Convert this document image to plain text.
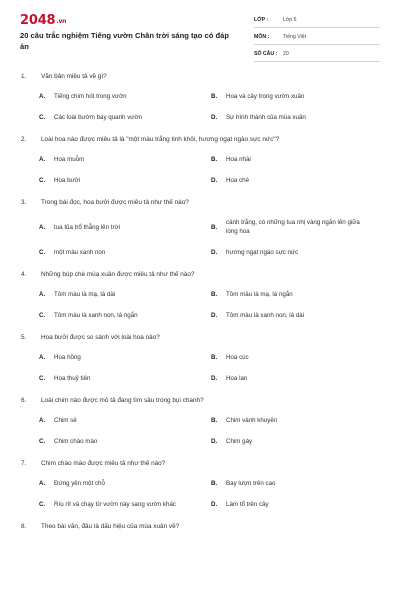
2048.vn
20 câu trắc nghiệm Tiếng vườn Chân trời sáng tạo có đáp án
LỚP :	Lớp 5
MÔN :	Tiếng Việt
SỐ CÂU :	20
1.	Văn bản miêu tả về gì?
A.	Tiếng chim hót trong vườn	B.	Hoa và cây trong vườn xuân
C.	Các loài bướm bay quanh vườn	D.	Sự hình thành của mùa xuân
2.	Loài hoa nào được miêu tả là "một màu trắng tinh khôi, hương ngạt ngào sực nức"?
A.	Hoa muỗm	B.	Hoa nhài
C.	Hoa bưởi	D.	Hoa chè
3.	Trong bài đọc, hoa bưởi được miêu tả như thế nào?
A.	tua tủa trổ thẳng lên trời	B.
cánh trắng, có những tua nhị vàng ngăn lên giữa lòng hoa
C.	một màu xanh non	D.	hương ngạt ngào sực nức
4.	Những búp chè mùa xuân được miêu tả như thế nào?
A.	Tôm màu là mạ, lá dài	B.	Tôm màu là mạ, lá ngắn
C.	Tôm màu là xanh non, lá ngắn	D.	Tôm màu là xanh non, lá dài
5.	Hoa bưởi được so sánh với loài hoa nào?
A.	Hoa hồng	B.	Hoa cúc
C.	Hoa thuỷ tiên	D.	Hoa lan
6.	Loài chim nào được mô tả đang tìm sâu trong bụi chanh?
A.	Chim sẻ	B.	Chim vành khuyên
C.	Chim chào mào	D.	Chim gáy
7.	Chim chào mào được miêu tả như thế nào?
A.	Đứng yên một chỗ	B.	Bay lượn trên cao
C.	Ríu rít và chạy từ vườn này sang vườn khác	D.	Làm tổ trên cây
8.	Theo bài văn, đâu là dấu hiệu của mùa xuân về?
